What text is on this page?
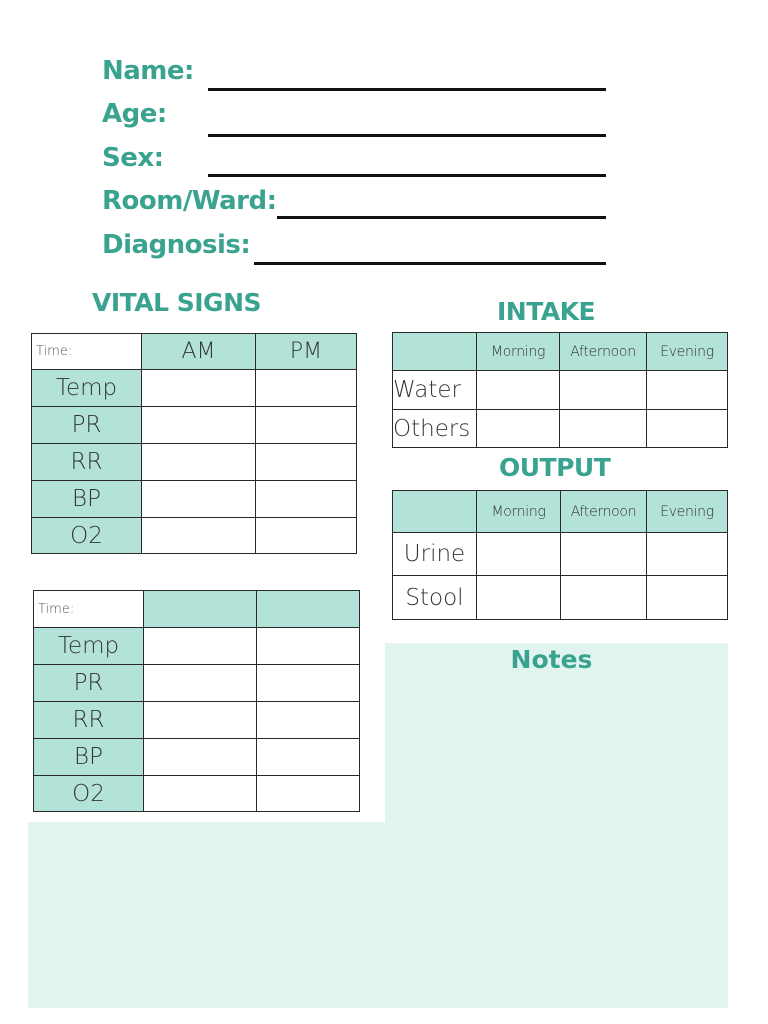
Name:
Age:
Sex:
Room/Ward:
Diagnosis:
VITAL SIGNS
Time:	AM	PM
Temp		
PR		
RR		
BP		
O2		
Time:		
Temp		
PR		
RR		
BP		
O2		
INTAKE
	Morning	Afternoon	Evening
Water			
Others			
OUTPUT
	Morning	Afternoon	Evening
Urine			
Stool			
Notes
